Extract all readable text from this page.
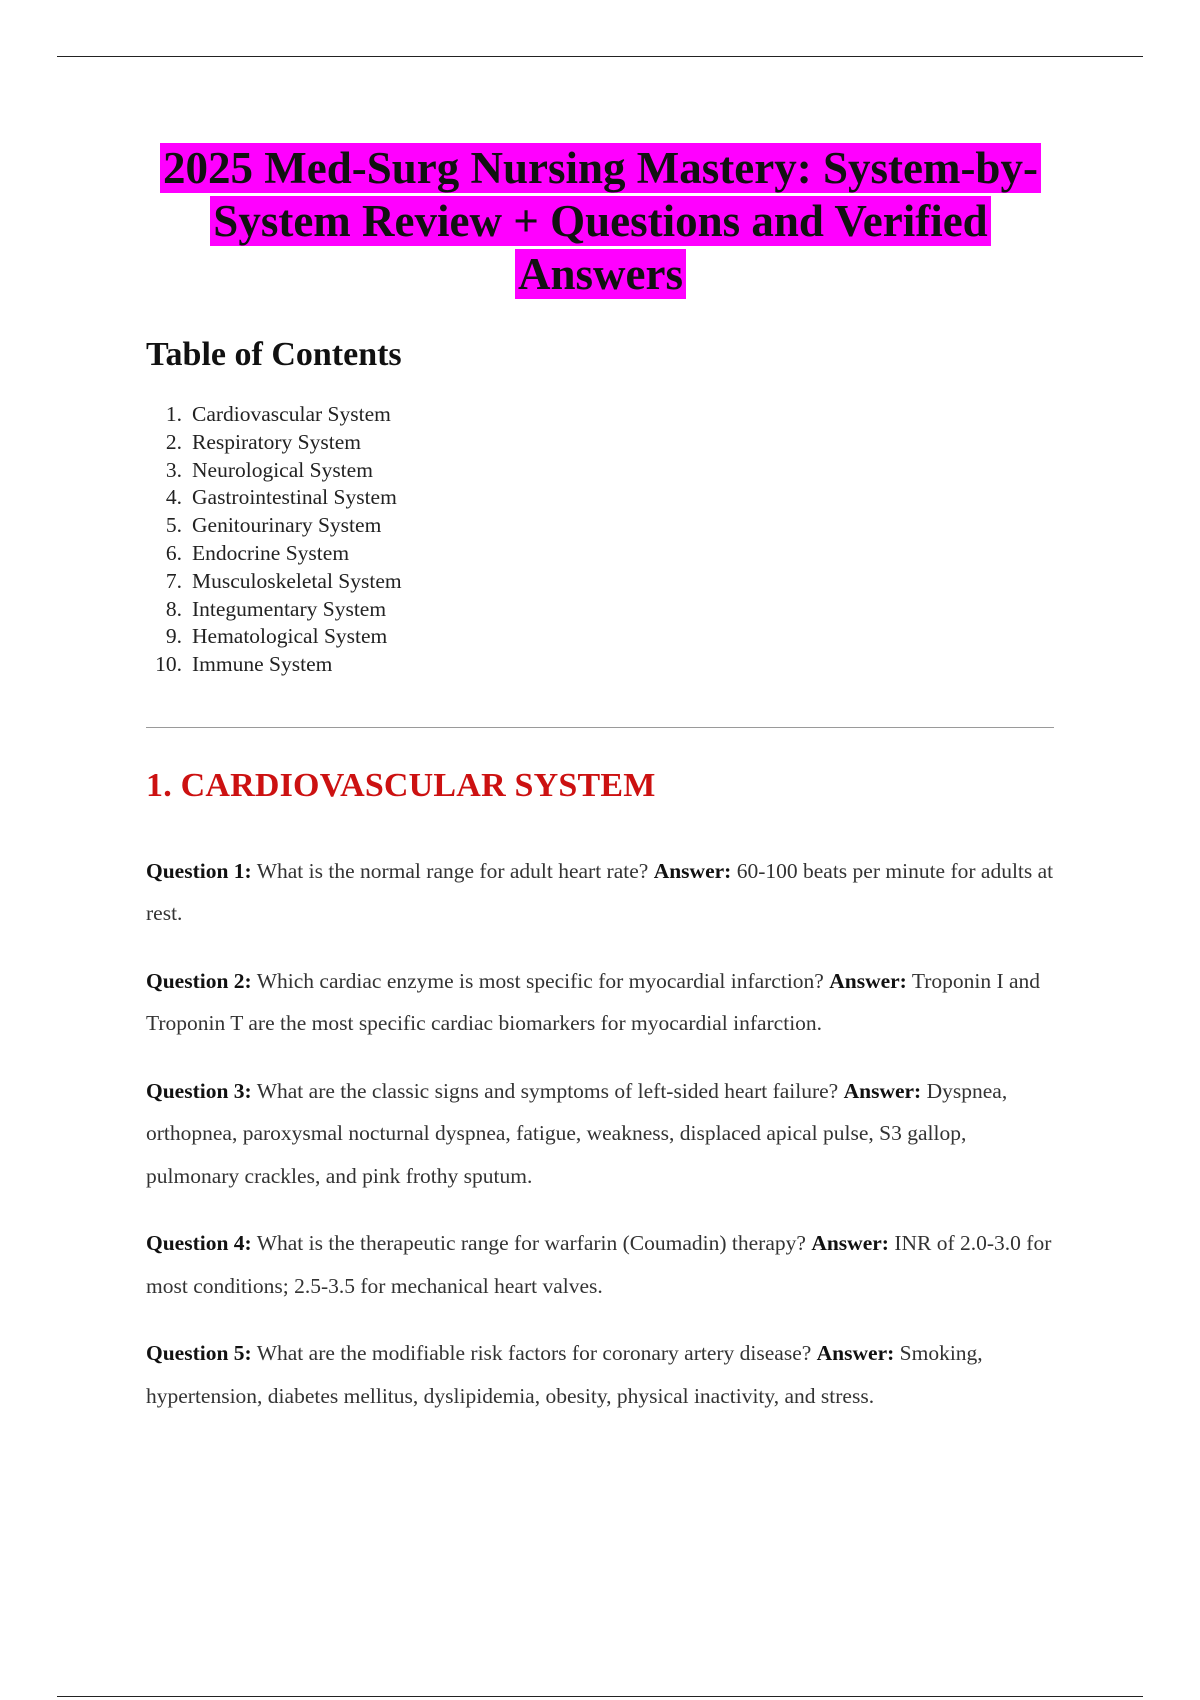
2025 Med-Surg Nursing Mastery: System-by-System Review + Questions and Verified Answers
Table of Contents
1. Cardiovascular System
2. Respiratory System
3. Neurological System
4. Gastrointestinal System
5. Genitourinary System
6. Endocrine System
7. Musculoskeletal System
8. Integumentary System
9. Hematological System
10. Immune System
1. CARDIOVASCULAR SYSTEM

Question 1: What is the normal range for adult heart rate? Answer: 60-100 beats per minute for adults at rest.

Question 2: Which cardiac enzyme is most specific for myocardial infarction? Answer: Troponin I and Troponin T are the most specific cardiac biomarkers for myocardial infarction.

Question 3: What are the classic signs and symptoms of left-sided heart failure? Answer: Dyspnea, orthopnea, paroxysmal nocturnal dyspnea, fatigue, weakness, displaced apical pulse, S3 gallop, pulmonary crackles, and pink frothy sputum.

Question 4: What is the therapeutic range for warfarin (Coumadin) therapy? Answer: INR of 2.0-3.0 for most conditions; 2.5-3.5 for mechanical heart valves.

Question 5: What are the modifiable risk factors for coronary artery disease? Answer: Smoking, hypertension, diabetes mellitus, dyslipidemia, obesity, physical inactivity, and stress.
